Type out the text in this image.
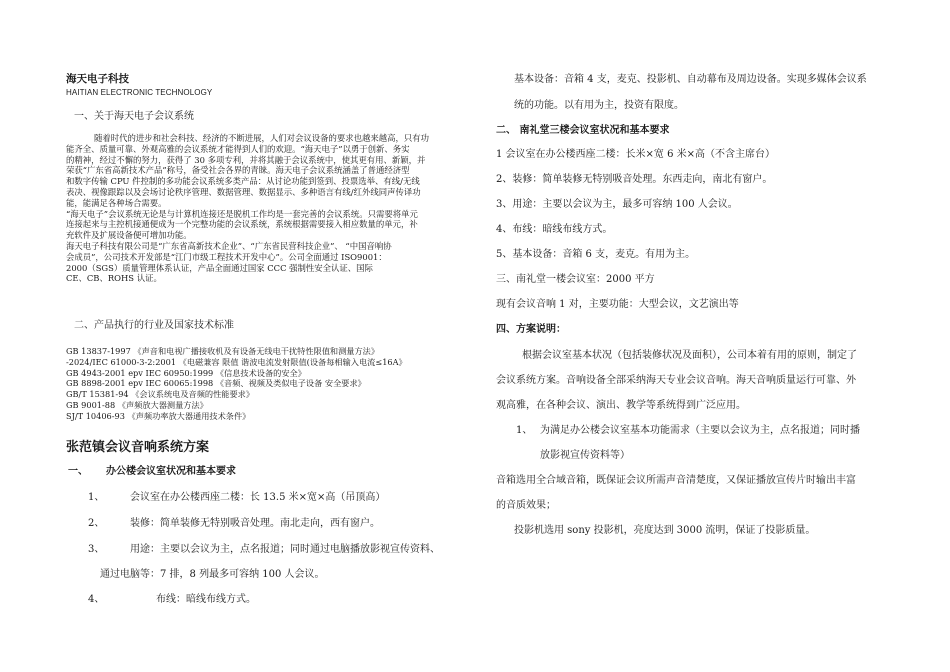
海天电子科技
HAITIAN ELECTRONIC TECHNOLOGY
一、关于海天电子会议系统
随着时代的进步和社会科技、经济的不断进展，人们对会议设备的要求也越来越高，只有功
能齐全、质量可靠、外观高雅的会议系统才能得到人们的欢迎。“海天电子”以勇于创新、务实
的精神，经过不懈的努力，获得了 30 多项专利，并将其融于会议系统中，使其更有用、新颖，并
荣获“广东省高新技术产品”称号，备受社会各界的青睐。海天电子会议系统涵盖了普通经济型
和数字传输 CPU 件控制的多功能会议系统多类产品：从讨论功能到签到、投票选举、有线/无线
表决、视像跟踪以及会场讨论秩序管理、数据管理、数据显示、多种语言有线/红外线同声传译功
能，能满足各种场合需要。
“海天电子”会议系统无论是与计算机连接还是脱机工作均是一套完善的会议系统。只需要将单元
连接起来与主控机接通便成为一个完整功能的会议系统，系统根据需要接入相应数量的单元，补
充软件及扩展设备便可增加功能。
海天电子科技有限公司是“广东省高新技术企业”、“广东省民营科技企业”、 “中国音响协
会成员”，公司技术开发部是“江门市级工程技术开发中心”。公司全面通过 ISO9001：
2000（SGS）质量管理体系认证，产品全面通过国家 CCC 强制性安全认证、国际
CE、CB、ROHS 认证。
二、产品执行的行业及国家技术标准
GB 13837-1997 《声音和电视广播接收机及有设备无线电干扰特性限值和测量方法》
-2024/IEC 61000-3-2:2001 《电磁兼容 限值 谐波电流发射限值(设备每相输入电流≤16A》
GB 4943-2001 epv IEC 60950:1999 《信息技术设备的安全》
GB 8898-2001 epv IEC 60065:1998 《音频、视频及类似电子设备 安全要求》
GB/T 15381-94 《会议系统电及音频的性能要求》
GB 9001-88 《声频放大器测量方法》
SJ/T 10406-93 《声频功率放大器通用技术条件》
张范镇会议音响系统方案
一、 办公楼会议室状况和基本要求
1、	会议室在办公楼西座二楼：长 13.5 米×宽×高（吊顶高）
2、	装修：简单装修无特别吸音处理。南北走向，西有窗户。
3、	用途：主要以会议为主，点名报道；同时通过电脑播放影视宣传资料、
通过电脑等：7 排，8 列最多可容纳 100 人会议。
4、	布线：暗线布线方式。
基本设备：音箱 4 支，麦克、投影机、自动幕布及周边设备。实现多媒体会议系
统的功能。以有用为主，投资有限度。
二、 南礼堂三楼会议室状况和基本要求
1 会议室在办公楼西座二楼：长米×宽 6 米×高（不含主席台）
2、装修：简单装修无特别吸音处理。东西走向，南北有窗户。
3、用途：主要以会议为主，最多可容纳 100 人会议。
4、布线：暗线布线方式。
5、基本设备：音箱 6 支，麦克。有用为主。
三、南礼堂一楼会议室：2000 平方
现有会议音响 1 对，主要功能：大型会议，文艺演出等
四、方案说明：
根据会议室基本状况（包括装修状况及面积），公司本着有用的原则，制定了
会议系统方案。音响设备全部采纳海天专业会议音响。海天音响质量运行可靠、外
观高雅，在各种会议、演出、教学等系统得到广泛应用。
1、 为满足办公楼会议室基本功能需求（主要以会议为主，点名报道；同时播
放影视宣传资料等）
音箱选用全合域音箱，既保证会议所需声音清楚度，又保证播放宣传片时输出丰富
的音质效果；
投影机选用 sony 投影机，亮度达到 3000 流明，保证了投影质量。
